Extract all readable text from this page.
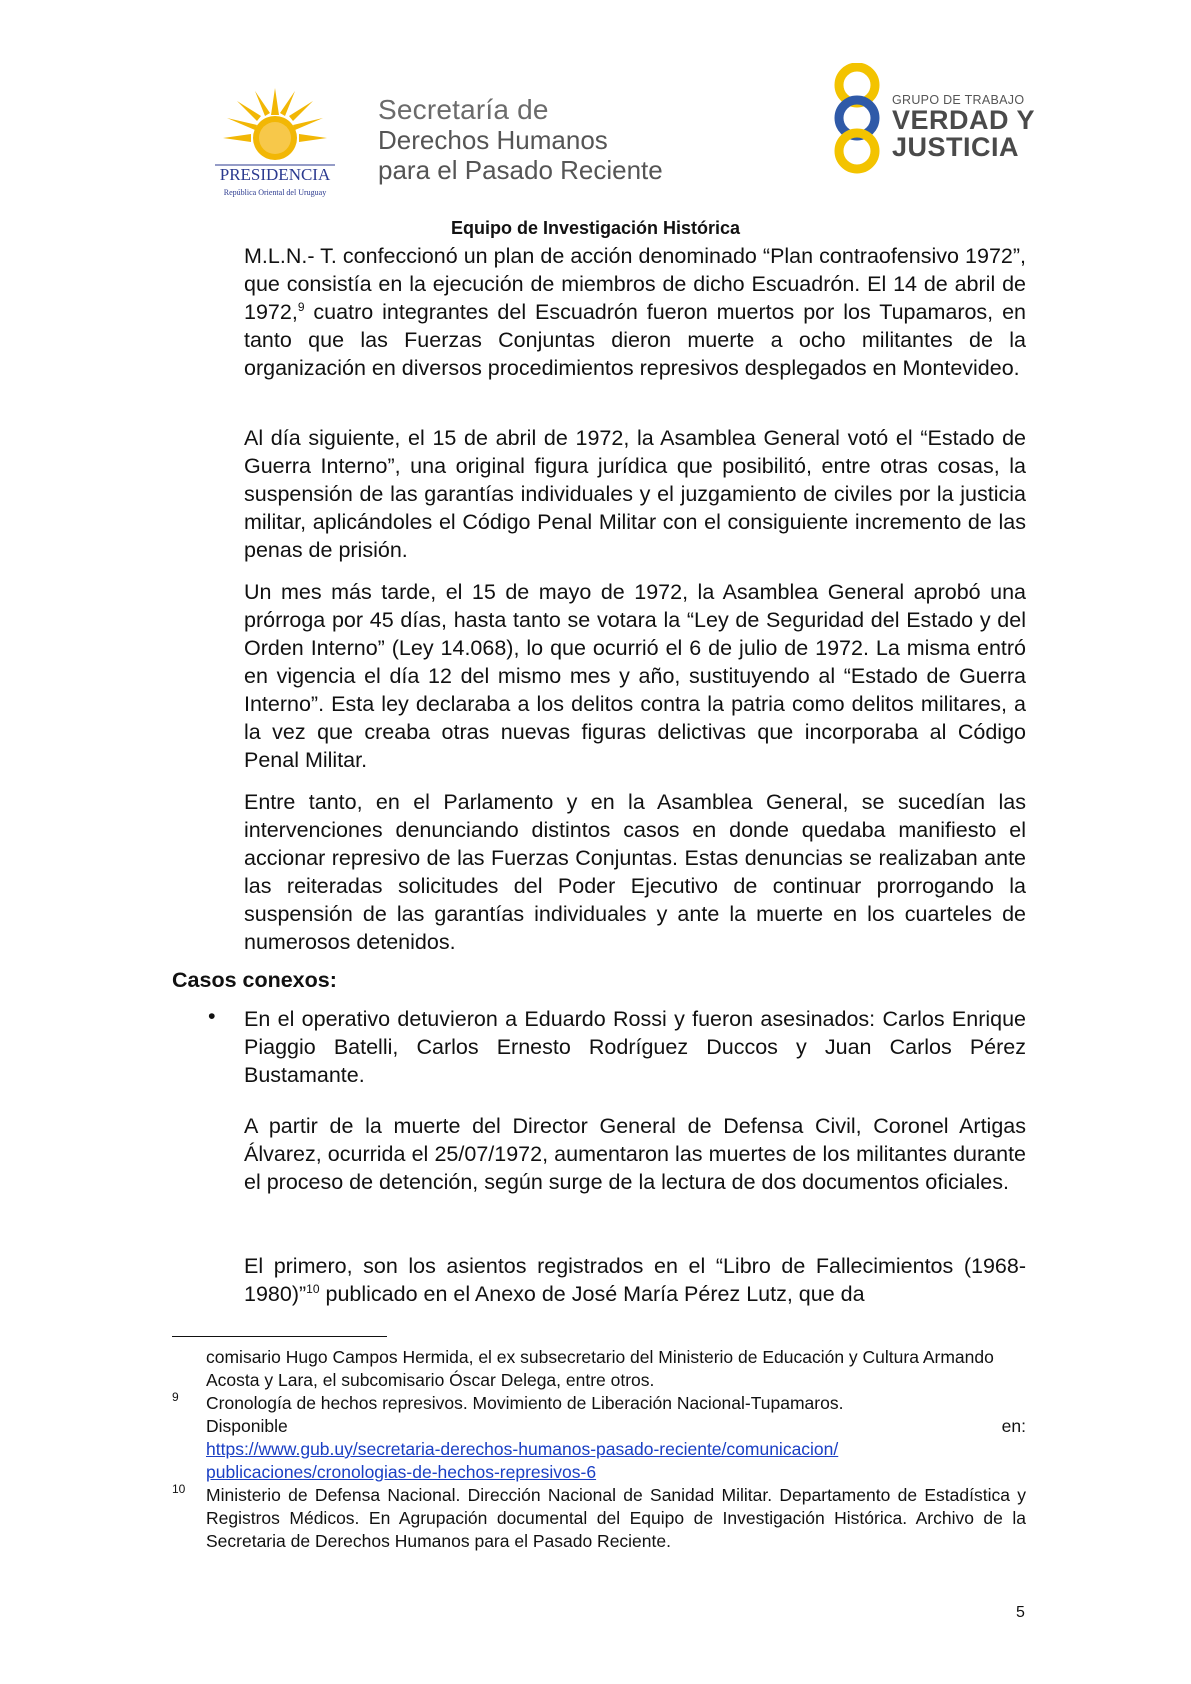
PRESIDENCIA
República Oriental del Uruguay
Secretaría de
Derechos Humanos
para el Pasado Reciente
GRUPO DE TRABAJO
VERDAD Y
JUSTICIA
Equipo de Investigación Histórica
M.L.N.- T. confeccionó un plan de acción denominado “Plan contraofensivo 1972”, que consistía en la ejecución de miembros de dicho Escuadrón. El 14 de abril de 1972,$^9$ cuatro integrantes del Escuadrón fueron muertos por los Tupamaros, en tanto que las Fuerzas Conjuntas dieron muerte a ocho militantes de la organización en diversos procedimientos represivos desplegados en Montevideo.
Al día siguiente, el 15 de abril de 1972, la Asamblea General votó el “Estado de Guerra Interno”, una original figura jurídica que posibilitó, entre otras cosas, la suspensión de las garantías individuales y el juzgamiento de civiles por la justicia militar, aplicándoles el Código Penal Militar con el consiguiente incremento de las penas de prisión.
Un mes más tarde, el 15 de mayo de 1972, la Asamblea General aprobó una prórroga por 45 días, hasta tanto se votara la “Ley de Seguridad del Estado y del Orden Interno” (Ley 14.068), lo que ocurrió el 6 de julio de 1972. La misma entró en vigencia el día 12 del mismo mes y año, sustituyendo al “Estado de Guerra Interno”. Esta ley declaraba a los delitos contra la patria como delitos militares, a la vez que creaba otras nuevas figuras delictivas que incorporaba al Código Penal Militar.
Entre tanto, en el Parlamento y en la Asamblea General, se sucedían las intervenciones denunciando distintos casos en donde quedaba manifiesto el accionar represivo de las Fuerzas Conjuntas. Estas denuncias se realizaban ante las reiteradas solicitudes del Poder Ejecutivo de continuar prorrogando la suspensión de las garantías individuales y ante la muerte en los cuarteles de numerosos detenidos.
Casos conexos:
• En el operativo detuvieron a Eduardo Rossi y fueron asesinados: Carlos Enrique Piaggio Batelli, Carlos Ernesto Rodríguez Duccos y Juan Carlos Pérez Bustamante.
A partir de la muerte del Director General de Defensa Civil, Coronel Artigas Álvarez, ocurrida el 25/07/1972, aumentaron las muertes de los militantes durante el proceso de detención, según surge de la lectura de dos documentos oficiales.
El primero, son los asientos registrados en el “Libro de Fallecimientos (1968-1980)”$^{10}$ publicado en el Anexo de José María Pérez Lutz, que da
comisario Hugo Campos Hermida, el ex subsecretario del Ministerio de Educación y Cultura Armando Acosta y Lara, el subcomisario Óscar Delega, entre otros.
9 Cronología de hechos represivos. Movimiento de Liberación Nacional-Tupamaros.
Disponible	en:
https://www.gub.uy/secretaria-derechos-humanos-pasado-reciente/comunicacion/
publicaciones/cronologias-de-hechos-represivos-6
10 Ministerio de Defensa Nacional. Dirección Nacional de Sanidad Militar. Departamento de Estadística y Registros Médicos. En Agrupación documental del Equipo de Investigación Histórica. Archivo de la Secretaria de Derechos Humanos para el Pasado Reciente.
5
